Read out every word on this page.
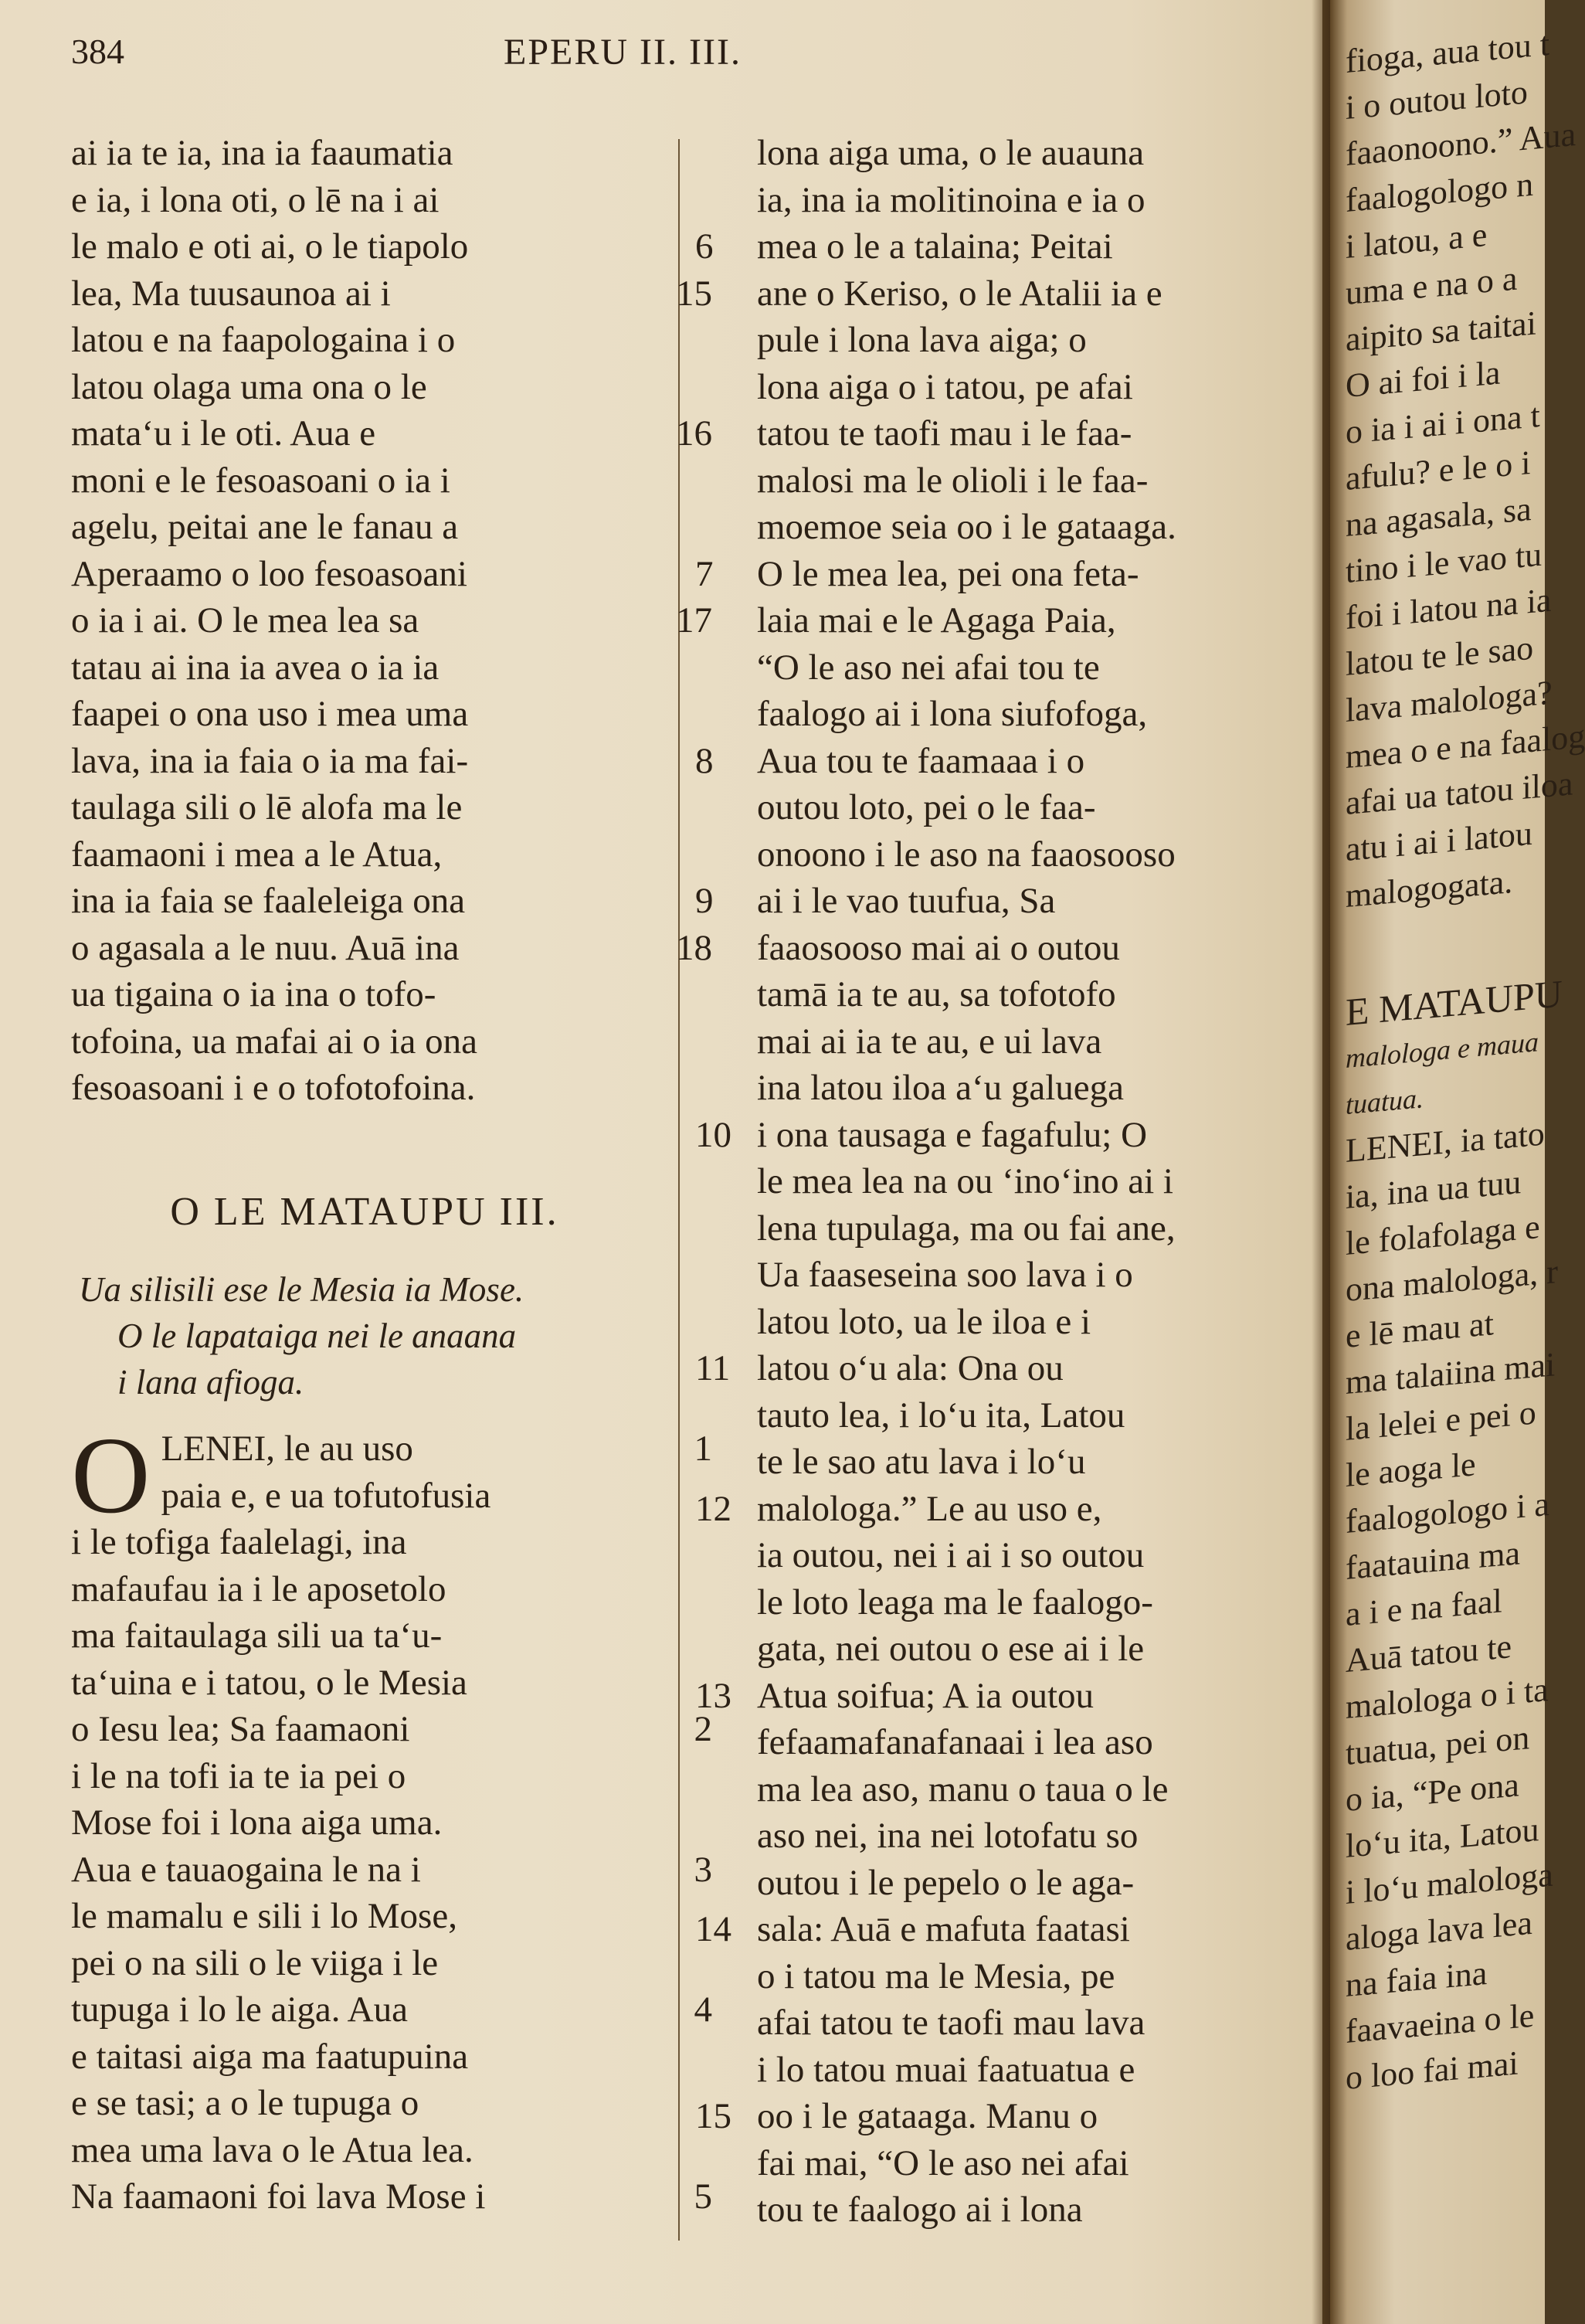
384	EPERU II. III.
ai ia te ia, ina ia faaumatia
e ia, i lona oti, o lē na i ai
le malo e oti ai, o le tiapolo
lea, Ma tuusaunoa ai i	15
latou e na faapologaina i o
latou olaga uma ona o le
mata‘u i le oti. Aua e	16
moni e le fesoasoani o ia i
agelu, peitai ane le fanau a
Aperaamo o loo fesoasoani
o ia i ai. O le mea lea sa	17
tatau ai ina ia avea o ia ia
faapei o ona uso i mea uma
lava, ina ia faia o ia ma fai-
taulaga sili o lē alofa ma le
faamaoni i mea a le Atua,
ina ia faia se faaleleiga ona
o agasala a le nuu. Auā ina	18
ua tigaina o ia ina o tofo-
tofoina, ua mafai ai o ia ona
fesoasoani i e o tofotofoina.
O LE MATAUPU III.
Ua silisili ese le Mesia ia Mose.
O le lapataiga nei le anaana
i lana afioga.
O LENEI, le au uso	1
paia e, e ua tofutofusia
i le tofiga faalelagi, ina
mafaufau ia i le aposetolo
ma faitaulaga sili ua ta‘u-
ta‘uina e i tatou, o le Mesia
o Iesu lea; Sa faamaoni	2
i le na tofi ia te ia pei o
Mose foi i lona aiga uma.
Aua e tauaogaina le na i	3
le mamalu e sili i lo Mose,
pei o na sili o le viiga i le
tupuga i lo le aiga. Aua	4
e taitasi aiga ma faatupuina
e se tasi; a o le tupuga o
mea uma lava o le Atua lea.
Na faamaoni foi lava Mose i	5
lona aiga uma, o le auauna
ia, ina ia molitinoina e ia o
mea o le a talaina; Peitai
6
ane o Keriso, o le Atalii ia e
pule i lona lava aiga; o
lona aiga o i tatou, pe afai
tatou te taofi mau i le faa-
malosi ma le olioli i le faa-
moemoe seia oo i le gataaga.
O le mea lea, pei ona feta-
7
laia mai e le Agaga Paia,
“O le aso nei afai tou te
faalogo ai i lona siufofoga,
Aua tou te faamaaa i o
8
outou loto, pei o le faa-
onoono i le aso na faaosooso
ai i le vao tuufua, Sa
9
faaosooso mai ai o outou
tamā ia te au, sa tofotofo
mai ai ia te au, e ui lava
ina latou iloa a‘u galuega
i ona tausaga e fagafulu; O
10
le mea lea na ou ‘ino‘ino ai i
lena tupulaga, ma ou fai ane,
Ua faaseseina soo lava i o
latou loto, ua le iloa e i
latou o‘u ala: Ona ou
11
tauto lea, i lo‘u ita, Latou
te le sao atu lava i lo‘u
malologa.” Le au uso e,
12
ia outou, nei i ai i so outou
le loto leaga ma le faalogo-
gata, nei outou o ese ai i le
Atua soifua; A ia outou
13
fefaamafanafanaai i lea aso
ma lea aso, manu o taua o le
aso nei, ina nei lotofatu so
outou i le pepelo o le aga-
sala: Auā e mafuta faatasi
14
o i tatou ma le Mesia, pe
afai tatou te taofi mau lava
i lo tatou muai faatuatua e
oo i le gataaga. Manu o
15
fai mai, “O le aso nei afai
tou te faalogo ai i lona
fioga, aua tou t
i o outou loto
faaonoono.” Aua
faalogologo n
i latou, a e
uma e na o a
aipito sa taitai
O ai foi i la
o ia i ai i ona t
afulu? e le o i
na agasala, sa
tino i le vao tu
foi i latou na ia
latou te le sao
lava malologa?
mea o e na faalog
afai ua tatou iloa
atu i ai i latou
malogogata.
E MATAUPU
malologa e maua
tuatua.
LENEI, ia tato
ia, ina ua tuu
le folafolaga e
ona malologa, r
e lē mau at
ma talaiina mai
la lelei e pei o
le aoga le
faalogologo i a
faatauina ma
a i e na faal
Auā tatou te
malologa o i ta
tuatua, pei on
o ia, “Pe ona
lo‘u ita, Latou
i lo‘u malologa
aloga lava lea
na faia ina
faavaeina o le
o loo fai mai
